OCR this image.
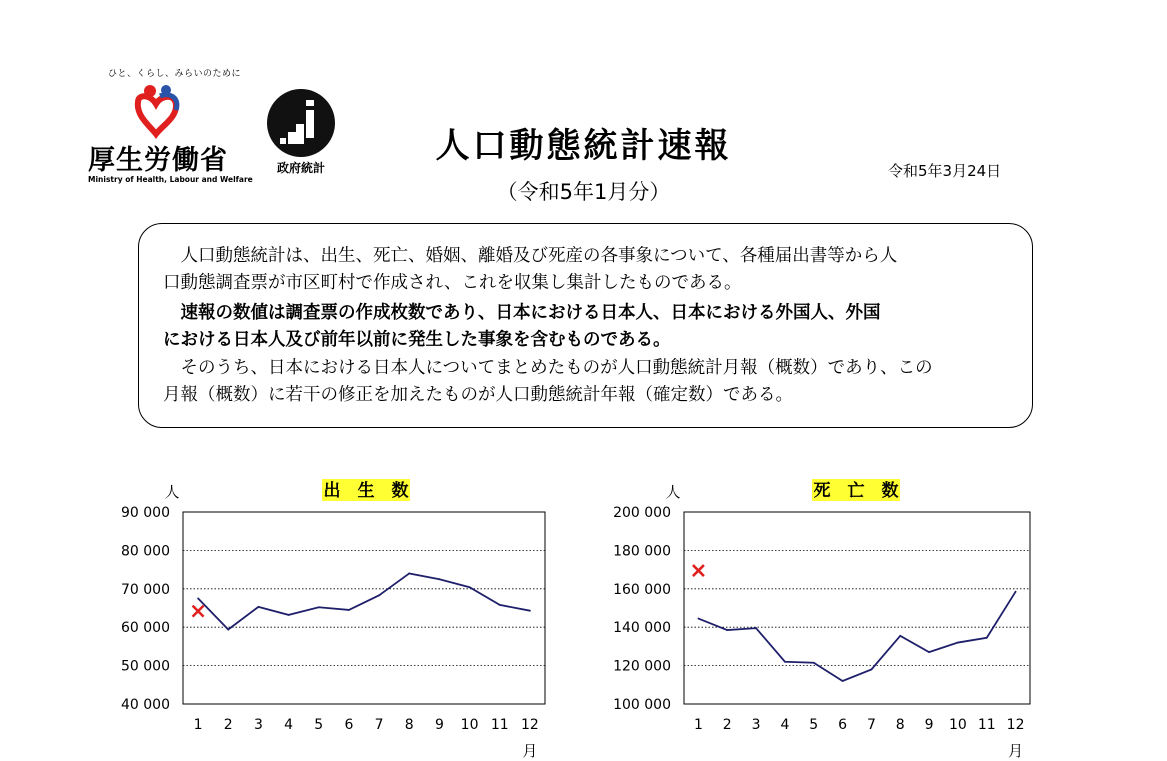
ひと、くらし、みらいのために
厚生労働省
Ministry of Health, Labour and Welfare
政府統計
人口動態統計速報
（令和5年1月分）
令和5年3月24日
　人口動態統計は、出生、死亡、婚姻、離婚及び死産の各事象について、各種届出書等から人
口動態調査票が市区町村で作成され、これを収集し集計したものである。
　速報の数値は調査票の作成枚数であり、日本における日本人、日本における外国人、外国
における日本人及び前年以前に発生した事象を含むものである。
　そのうち、日本における日本人についてまとめたものが人口動態統計月報（概数）であり、この
月報（概数）に若干の修正を加えたものが人口動態統計年報（確定数）である。
出　生　数
人
40 000
50 000
60 000
70 000
80 000
90 000
1 2 3 4 5 6 7 8 9 10 11 12
月
死　亡　数
人
100 000
120 000
140 000
160 000
180 000
200 000
1 2 3 4 5 6 7 8 9 10 11 12
月
